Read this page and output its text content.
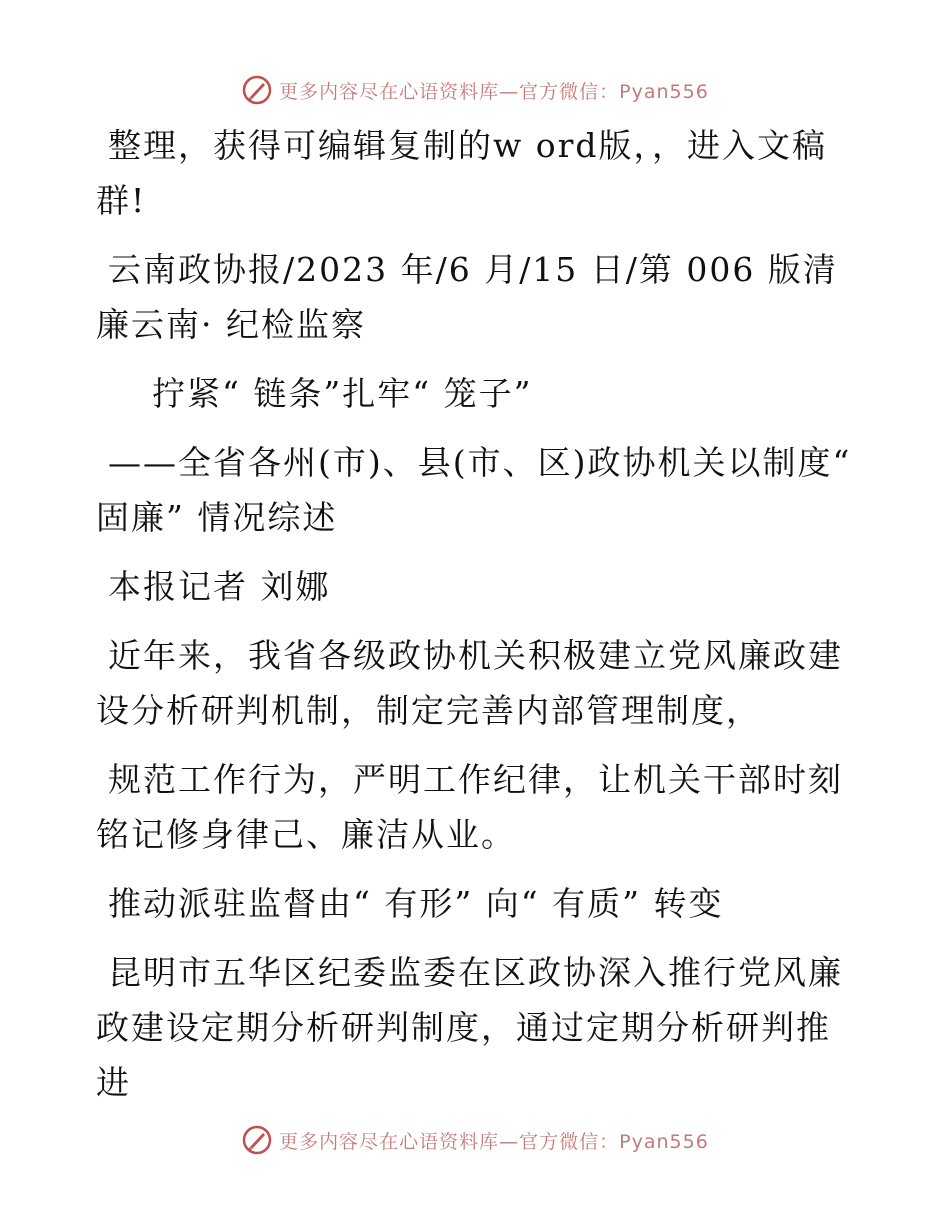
更多内容尽在心语资料库—官方微信：Pyan556

整理，获得可编辑复制的w ord版，，进入文稿群!

云南政协报/2023 年/6 月/15 日/第 006 版清廉云南· 纪检监察

拧紧“ 链条”扎牢“ 笼子”

——全省各州(市)、县(市、区)政协机关以制度“ 固廉” 情况综述

本报记者 刘娜

近年来，我省各级政协机关积极建立党风廉政建设分析研判机制，制定完善内部管理制度，

规范工作行为，严明工作纪律，让机关干部时刻铭记修身律己、廉洁从业。

推动派驻监督由“ 有形” 向“ 有质” 转变

昆明市五华区纪委监委在区政协深入推行党风廉政建设定期分析研判制度，通过定期分析研判推进

更多内容尽在心语资料库—官方微信：Pyan556
